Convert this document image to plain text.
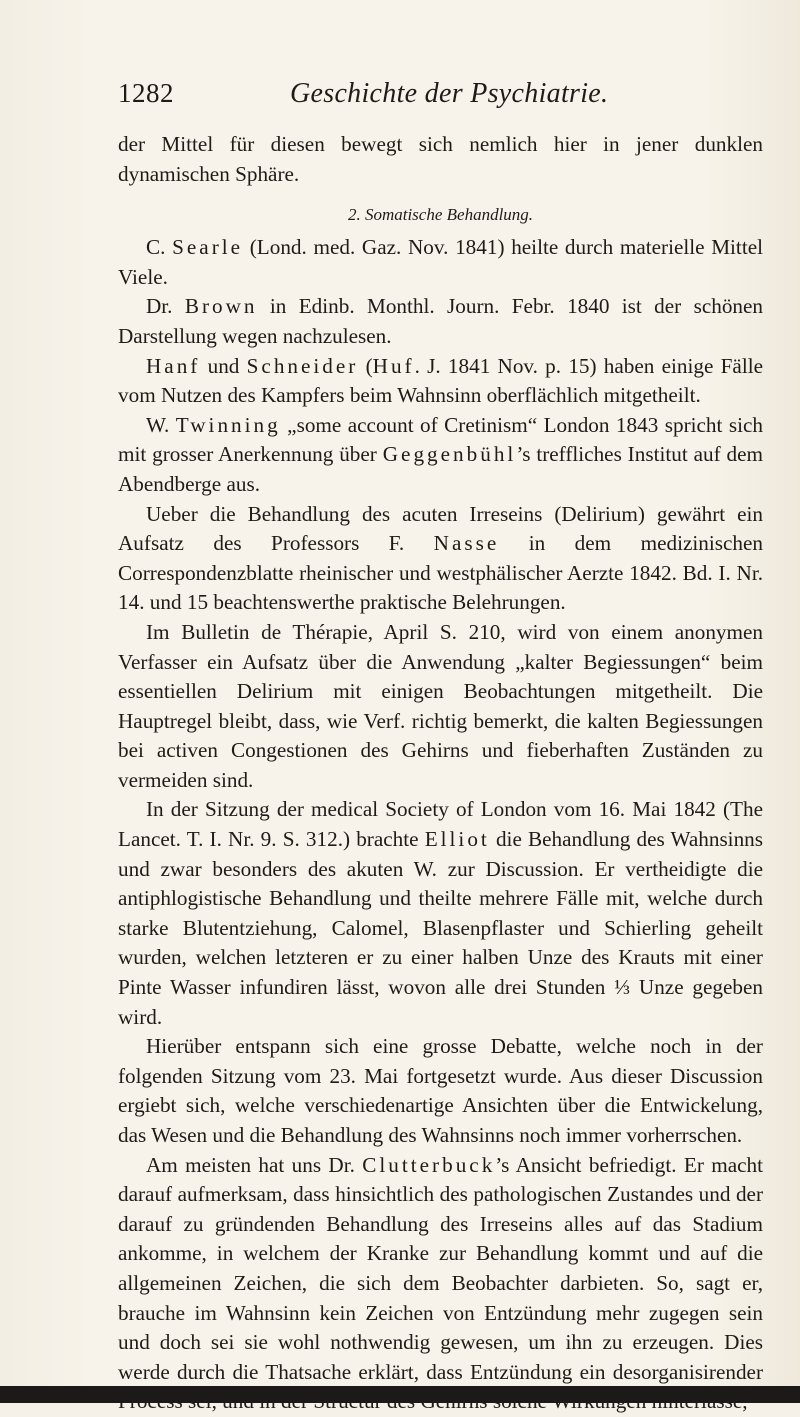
1282	Geschichte der Psychiatrie.

der Mittel für diesen bewegt sich nemlich hier in jener dunklen dynamischen Sphäre.

2. Somatische Behandlung.

C. Searle (Lond. med. Gaz. Nov. 1841) heilte durch materielle Mittel Viele.

Dr. Brown in Edinb. Monthl. Journ. Febr. 1840 ist der schönen Darstellung wegen nachzulesen.

Hanf und Schneider (Huf. J. 1841 Nov. p. 15) haben einige Fälle vom Nutzen des Kampfers beim Wahnsinn oberflächlich mitgetheilt.

W. Twinning „some account of Cretinism“ London 1843 spricht sich mit grosser Anerkennung über Geggenbühl’s treffliches Institut auf dem Abendberge aus.

Ueber die Behandlung des acuten Irreseins (Delirium) gewährt ein Aufsatz des Professors F. Nasse in dem medizinischen Correspondenzblatte rheinischer und westphälischer Aerzte 1842. Bd. I. Nr. 14. und 15 beachtenswerthe praktische Belehrungen.

Im Bulletin de Thérapie, April S. 210, wird von einem anonymen Verfasser ein Aufsatz über die Anwendung „kalter Begiessungen“ beim essentiellen Delirium mit einigen Beobachtungen mitgetheilt. Die Hauptregel bleibt, dass, wie Verf. richtig bemerkt, die kalten Begiessungen bei activen Congestionen des Gehirns und fieberhaften Zuständen zu vermeiden sind.

In der Sitzung der medical Society of London vom 16. Mai 1842 (The Lancet. T. I. Nr. 9. S. 312.) brachte Elliot die Behandlung des Wahnsinns und zwar besonders des akuten W. zur Discussion. Er vertheidigte die antiphlogistische Behandlung und theilte mehrere Fälle mit, welche durch starke Blutentziehung, Calomel, Blasenpflaster und Schierling geheilt wurden, welchen letzteren er zu einer halben Unze des Krauts mit einer Pinte Wasser infundiren lässt, wovon alle drei Stunden ⅓ Unze gegeben wird.

Hierüber entspann sich eine grosse Debatte, welche noch in der folgenden Sitzung vom 23. Mai fortgesetzt wurde. Aus dieser Discussion ergiebt sich, welche verschiedenartige Ansichten über die Entwickelung, das Wesen und die Behandlung des Wahnsinns noch immer vorherrschen.

Am meisten hat uns Dr. Clutterbuck’s Ansicht befriedigt. Er macht darauf aufmerksam, dass hinsichtlich des pathologischen Zustandes und der darauf zu gründenden Behandlung des Irreseins alles auf das Stadium ankomme, in welchem der Kranke zur Behandlung kommt und auf die allgemeinen Zeichen, die sich dem Beobachter darbieten. So, sagt er, brauche im Wahnsinn kein Zeichen von Entzündung mehr zugegen sein und doch sei sie wohl nothwendig gewesen, um ihn zu erzeugen. Dies werde durch die Thatsache erklärt, dass Entzündung ein desorganisirender
